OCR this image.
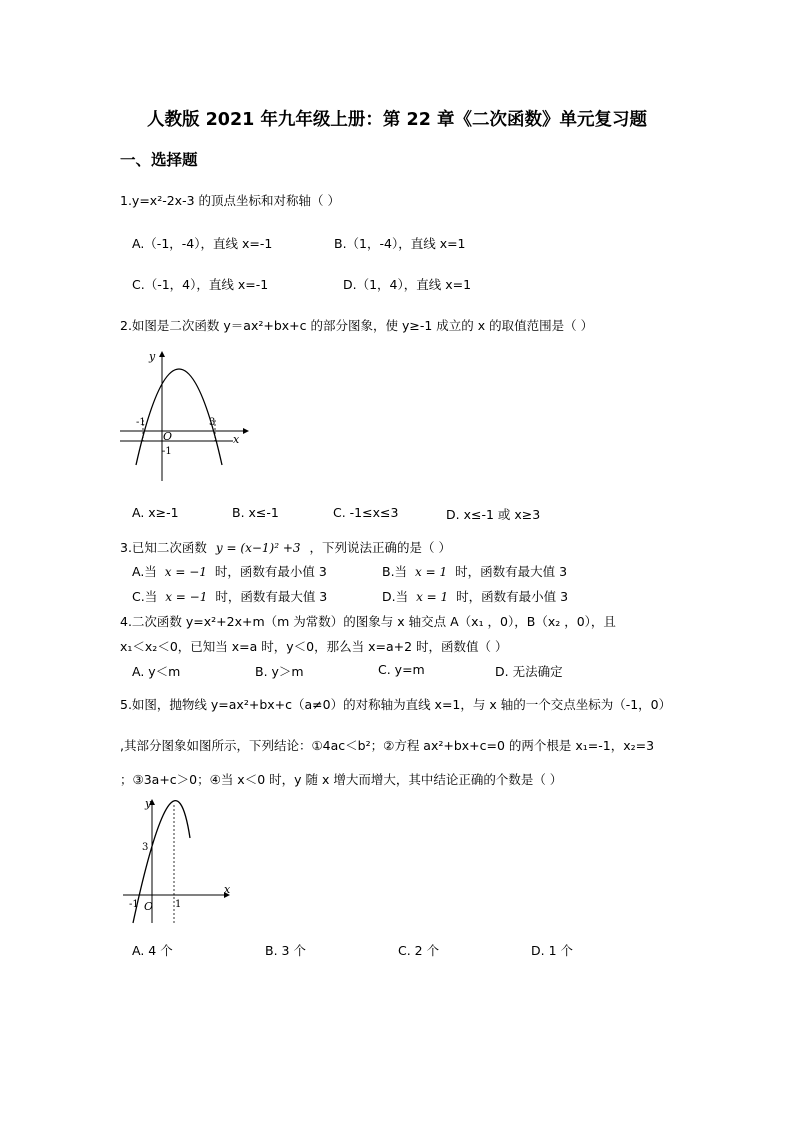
人教版 2021 年九年级上册：第 22 章《二次函数》单元复习题
一、选择题
1.y=x²-2x-3 的顶点坐标和对称轴（ ）
A.（-1，-4），直线 x=-1	B.（1，-4），直线 x=1
C.（-1，4），直线 x=-1	D.（1，4），直线 x=1
2.如图是二次函数 y＝ax²+bx+c 的部分图象，使 y≥-1 成立的 x 的取值范围是（ ）
y
x
O
-1	3
-1
A. x≥-1	B. x≤-1	C. -1≤x≤3	D. x≤-1 或 x≥3
3.已知二次函数 y = (x−1)² +3 ，下列说法正确的是（ ）
A.当 x = −1 时，函数有最小值 3	B.当 x = 1 时，函数有最大值 3
C.当 x = −1 时，函数有最大值 3	D.当 x = 1 时，函数有最小值 3
4.二次函数 y=x²+2x+m（m 为常数）的图象与 x 轴交点 A（x₁ ，0），B（x₂ ，0），且
x₁＜x₂＜0，已知当 x=a 时，y＜0，那么当 x=a+2 时，函数值（ ）
A. y＜m	B. y＞m	C. y=m	D. 无法确定
5.如图，抛物线 y=ax²+bx+c（a≠0）的对称轴为直线 x=1，与 x 轴的一个交点坐标为（-1，0）
,其部分图象如图所示，下列结论：①4ac＜b²；②方程 ax²+bx+c=0 的两个根是 x₁=-1，x₂=3
；③3a+c＞0；④当 x＜0 时，y 随 x 增大而增大，其中结论正确的个数是（ ）
y
x
O
-1	1
3
A. 4 个	B. 3 个	C. 2 个	D. 1 个
